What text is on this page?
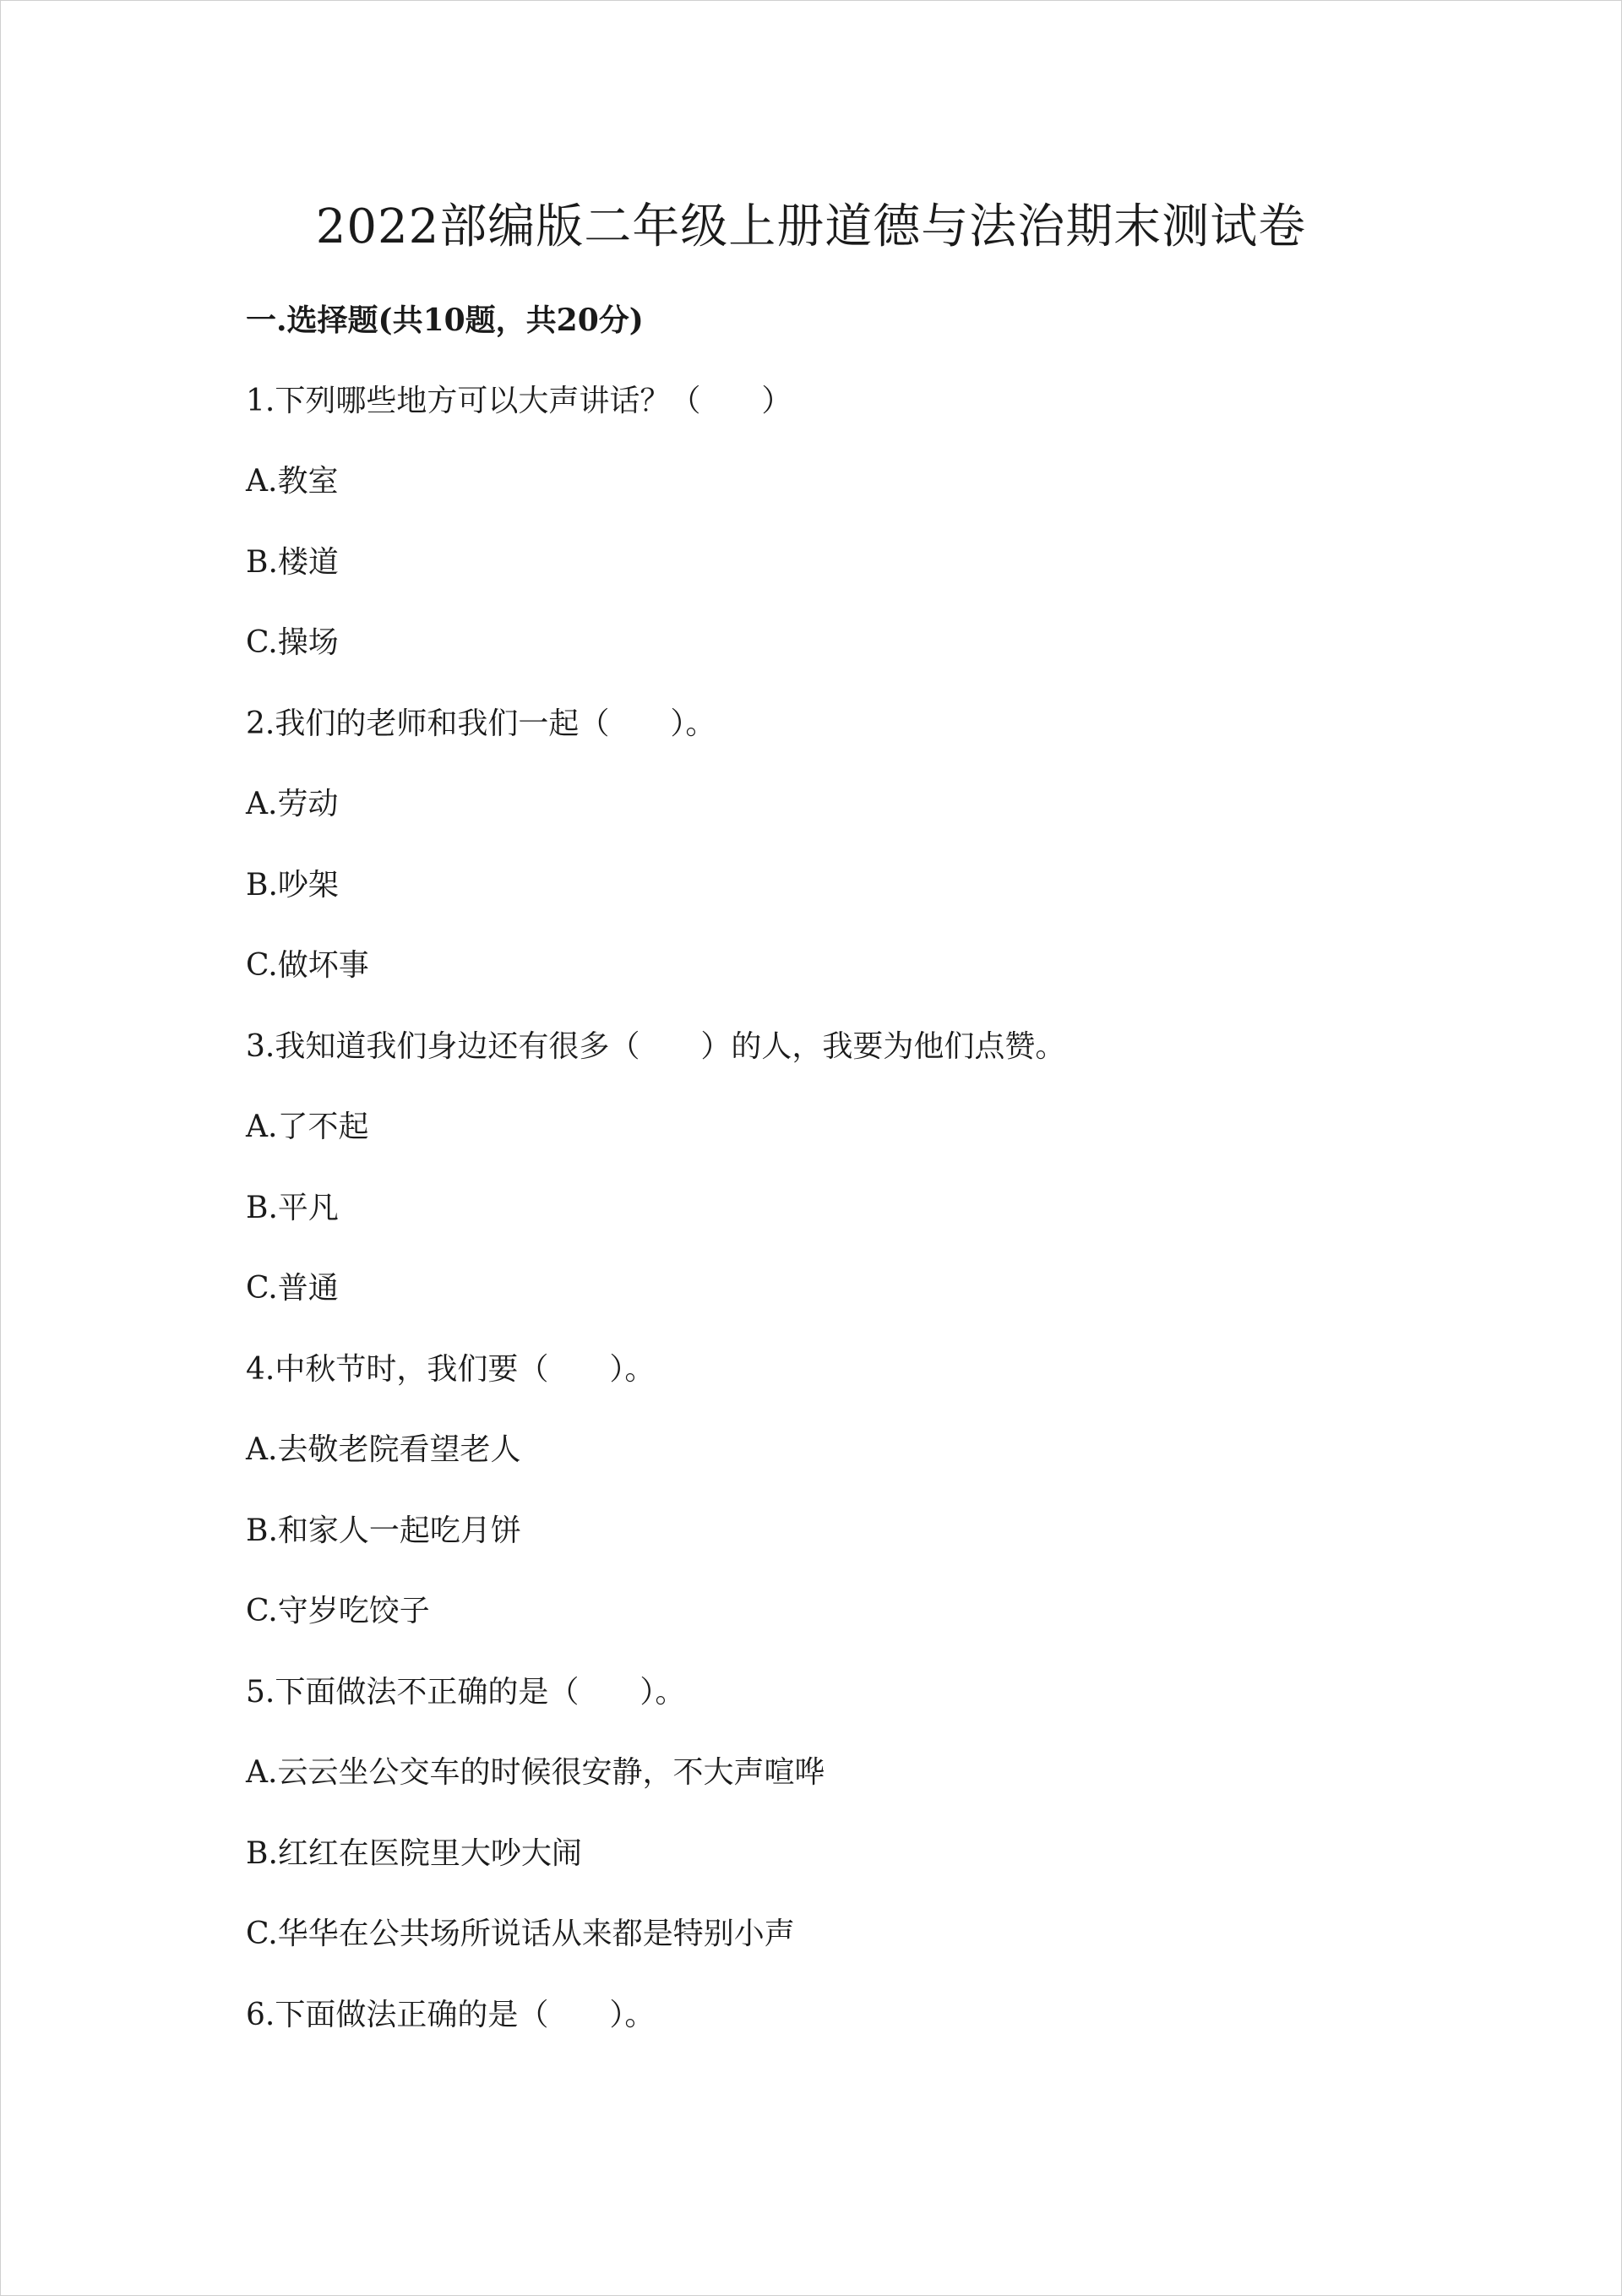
2022部编版二年级上册道德与法治期末测试卷
一.选择题(共10题，共20分)
1.下列哪些地方可以大声讲话？（　　）
A.教室
B.楼道
C.操场
2.我们的老师和我们一起（　　）。
A.劳动
B.吵架
C.做坏事
3.我知道我们身边还有很多（　　）的人，我要为他们点赞。
A.了不起
B.平凡
C.普通
4.中秋节时，我们要（　　）。
A.去敬老院看望老人
B.和家人一起吃月饼
C.守岁吃饺子
5.下面做法不正确的是（　　）。
A.云云坐公交车的时候很安静，不大声喧哗
B.红红在医院里大吵大闹
C.华华在公共场所说话从来都是特别小声
6.下面做法正确的是（　　）。
